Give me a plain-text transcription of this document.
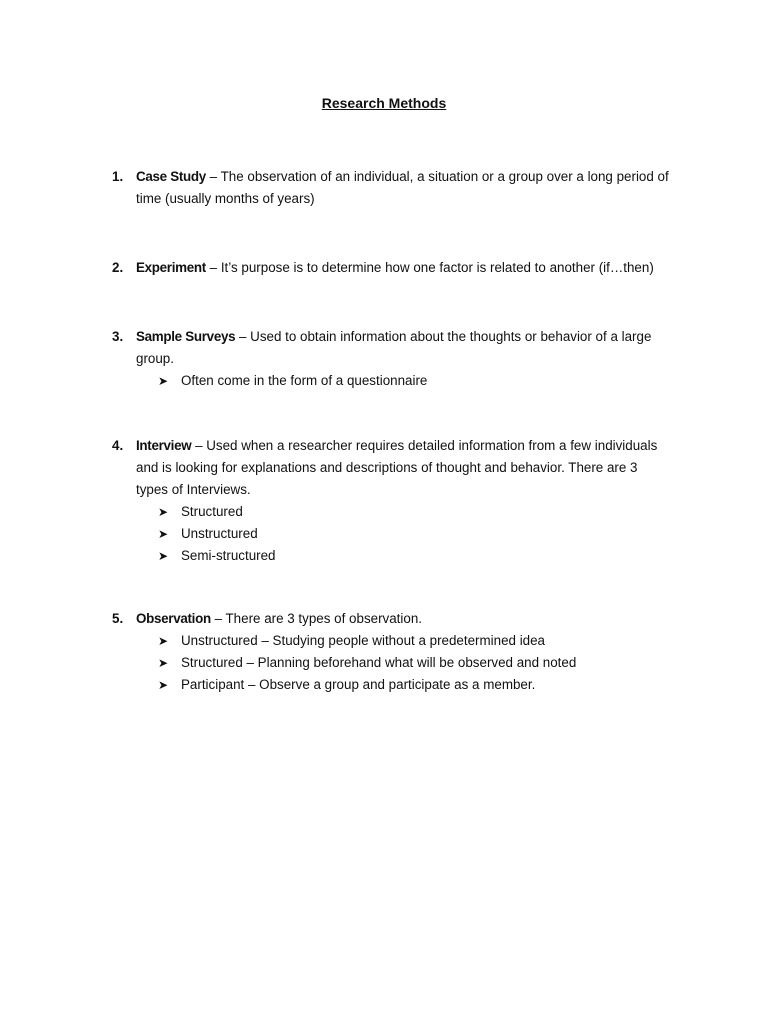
Research Methods
1. Case Study – The observation of an individual, a situation or a group over a long period of time (usually months of years)
2. Experiment – It’s purpose is to determine how one factor is related to another (if…then)
3. Sample Surveys – Used to obtain information about the thoughts or behavior of a large group.
➤ Often come in the form of a questionnaire
4. Interview – Used when a researcher requires detailed information from a few individuals and is looking for explanations and descriptions of thought and behavior. There are 3 types of Interviews.
➤ Structured
➤ Unstructured
➤ Semi-structured
5. Observation – There are 3 types of observation.
➤ Unstructured – Studying people without a predetermined idea
➤ Structured – Planning beforehand what will be observed and noted
➤ Participant – Observe a group and participate as a member.
